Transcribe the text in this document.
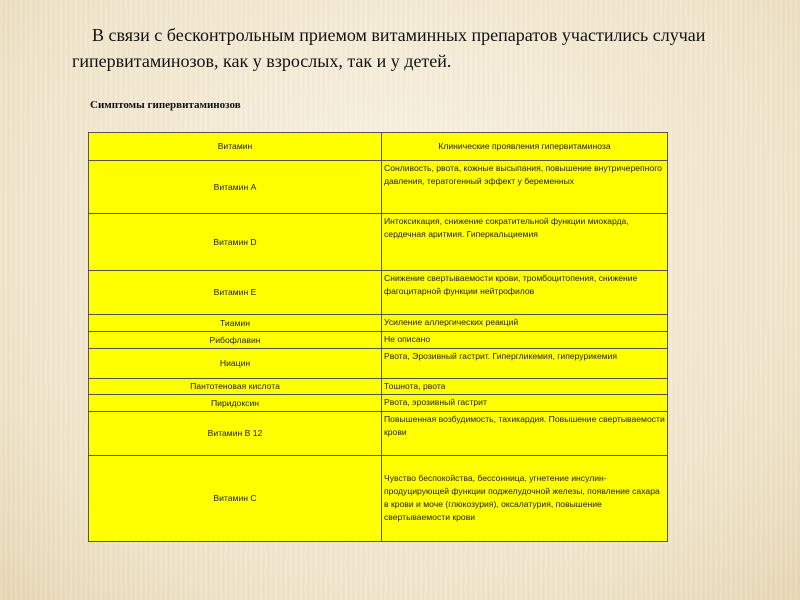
В связи с бесконтрольным приемом витаминных препаратов участились случаи гипервитаминозов, как у взрослых, так и у детей.

Симптомы гипервитаминозов
Витамин	Клинические проявления гипервитаминоза
Витамин А	Сонливость, рвота, кожные высыпания, повышение внутричерепного давления, тератогенный эффект у беременных
Витамин D	Интоксикация, снижение сократительной функции миокарда, сердечная аритмия. Гиперкальциемия
Витамин Е	Снижение свертываемости крови, тромбоцитопения, снижение фагоцитарной функции нейтрофилов
Тиамин	Усиление аллергических реакций
Рибофлавин	Не описано
Ниацин	Рвота, Эрозивный гастрит. Гипергликемия, гиперурикемия
Пантотеновая кислота	Тошнота, рвота
Пиридоксин	Рвота, эрозивный гастрит
Витамин В 12	Повышенная возбудимость, тахикардия. Повышение свертываемости крови
Витамин С	Чувство беспокойства, бессонница, угнетение инсулин-продуцирующей функции поджелудочной железы, появление сахара в крови и моче (глюкозурия), оксалатурия, повышение свертываемости крови
